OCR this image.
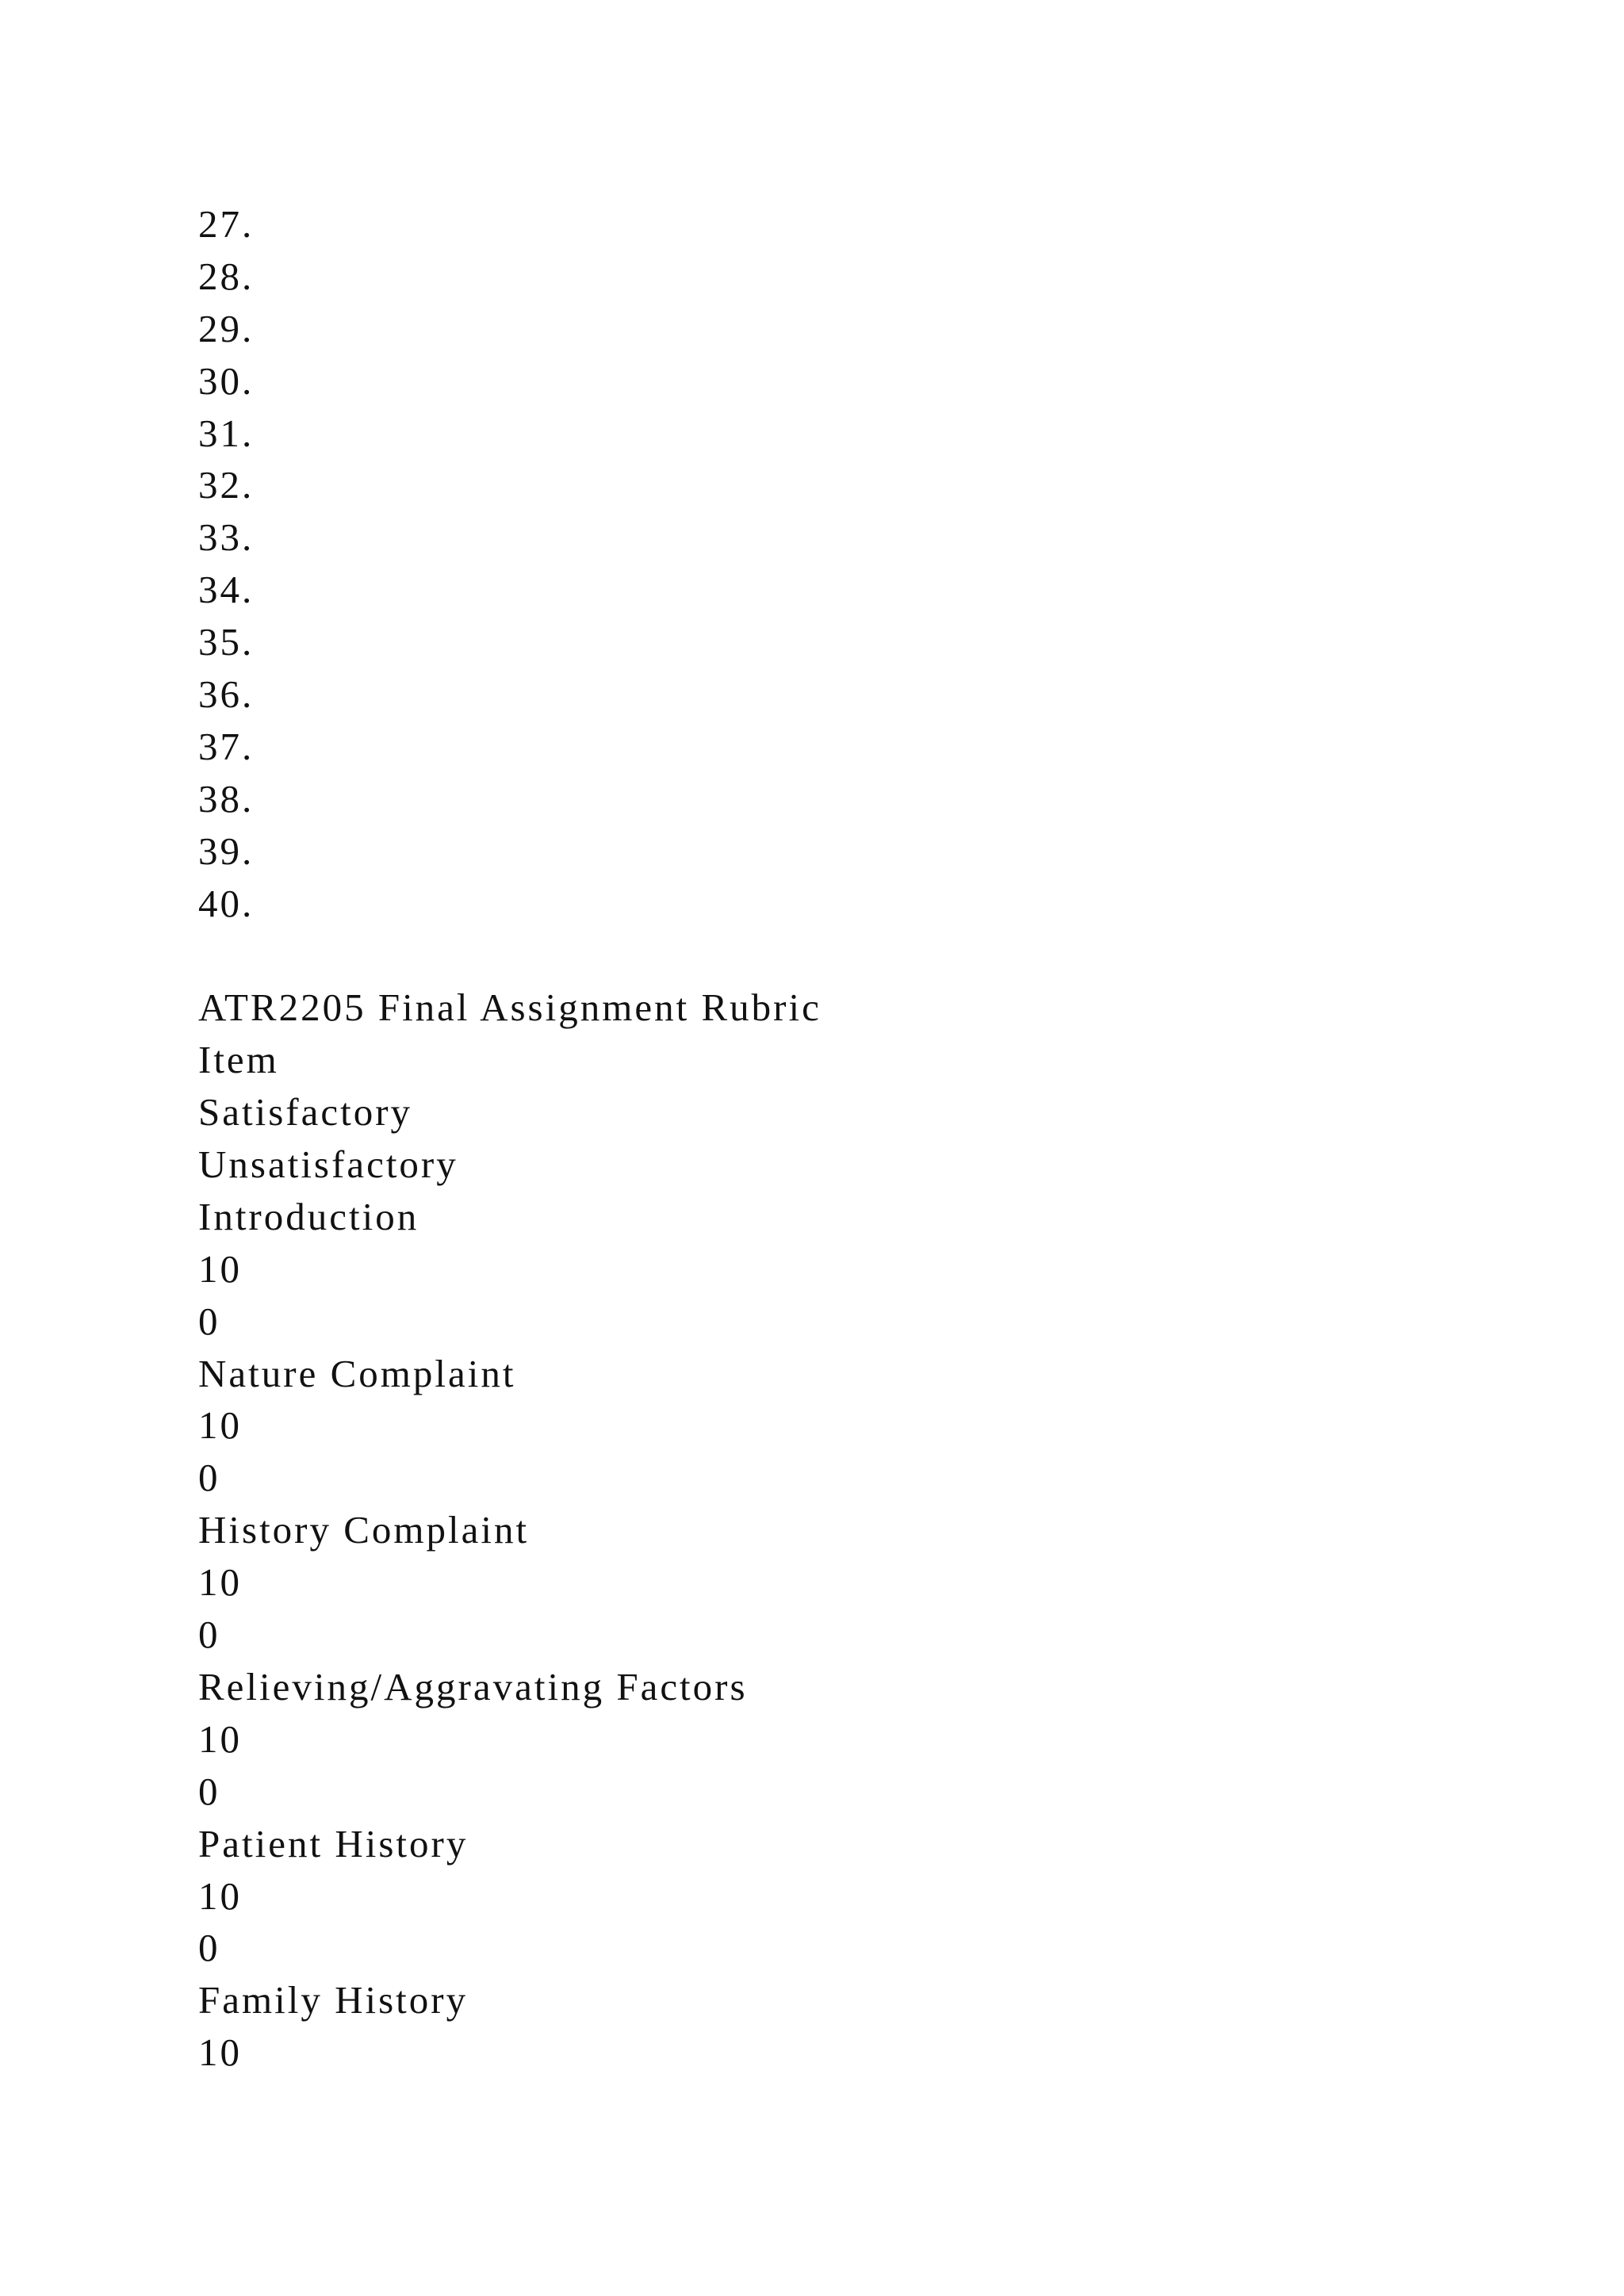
27.
28.
29.
30.
31.
32.
33.
34.
35.
36.
37.
38.
39.
40.
ATR2205 Final Assignment Rubric
Item
Satisfactory
Unsatisfactory
Introduction
10
0
Nature Complaint
10
0
History Complaint
10
0
Relieving/Aggravating Factors
10
0
Patient History
10
0
Family History
10
